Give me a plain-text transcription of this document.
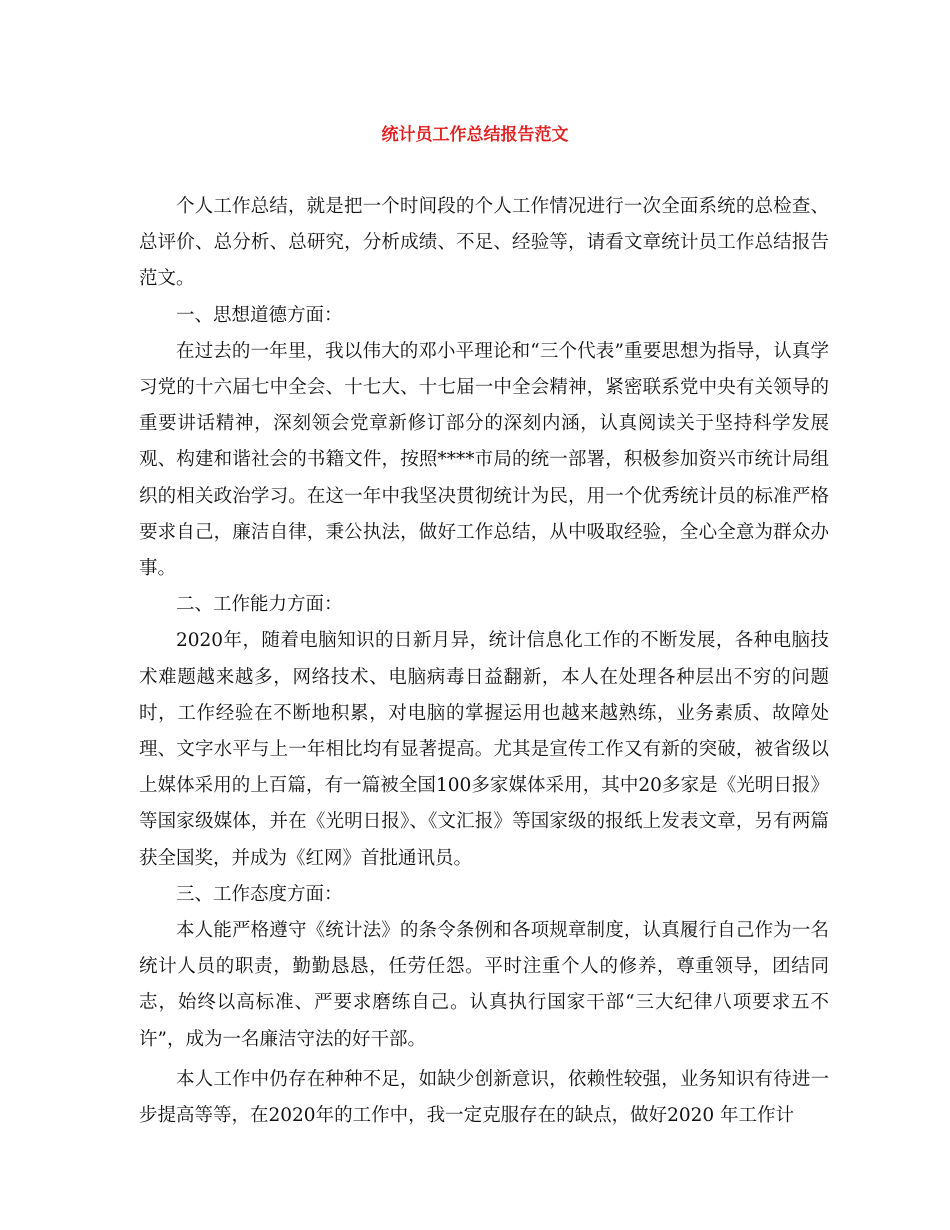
统计员工作总结报告范文

个人工作总结，就是把一个时间段的个人工作情况进行一次全面系统的总检查、总评价、总分析、总研究，分析成绩、不足、经验等，请看文章统计员工作总结报告范文。

一、思想道德方面：

在过去的一年里，我以伟大的邓小平理论和“三个代表”重要思想为指导，认真学习党的十六届七中全会、十七大、十七届一中全会精神，紧密联系党中央有关领导的重要讲话精神，深刻领会党章新修订部分的深刻内涵，认真阅读关于坚持科学发展观、构建和谐社会的书籍文件，按照****市局的统一部署，积极参加资兴市统计局组织的相关政治学习。在这一年中我坚决贯彻统计为民，用一个优秀统计员的标准严格要求自己，廉洁自律，秉公执法，做好工作总结，从中吸取经验，全心全意为群众办事。

二、工作能力方面：

2020年，随着电脑知识的日新月异，统计信息化工作的不断发展，各种电脑技术难题越来越多，网络技术、电脑病毒日益翻新，本人在处理各种层出不穷的问题时，工作经验在不断地积累，对电脑的掌握运用也越来越熟练，业务素质、故障处理、文字水平与上一年相比均有显著提高。尤其是宣传工作又有新的突破，被省级以上媒体采用的上百篇，有一篇被全国100多家媒体采用，其中20多家是《光明日报》等国家级媒体，并在《光明日报》、《文汇报》等国家级的报纸上发表文章，另有两篇获全国奖，并成为《红网》首批通讯员。

三、工作态度方面：

本人能严格遵守《统计法》的条令条例和各项规章制度，认真履行自己作为一名统计人员的职责，勤勤恳恳，任劳任怨。平时注重个人的修养，尊重领导，团结同志，始终以高标准、严要求磨练自己。认真执行国家干部“三大纪律八项要求五不许”，成为一名廉洁守法的好干部。

本人工作中仍存在种种不足，如缺少创新意识，依赖性较强，业务知识有待进一步提高等等，在2020年的工作中，我一定克服存在的缺点，做好2020 年工作计
